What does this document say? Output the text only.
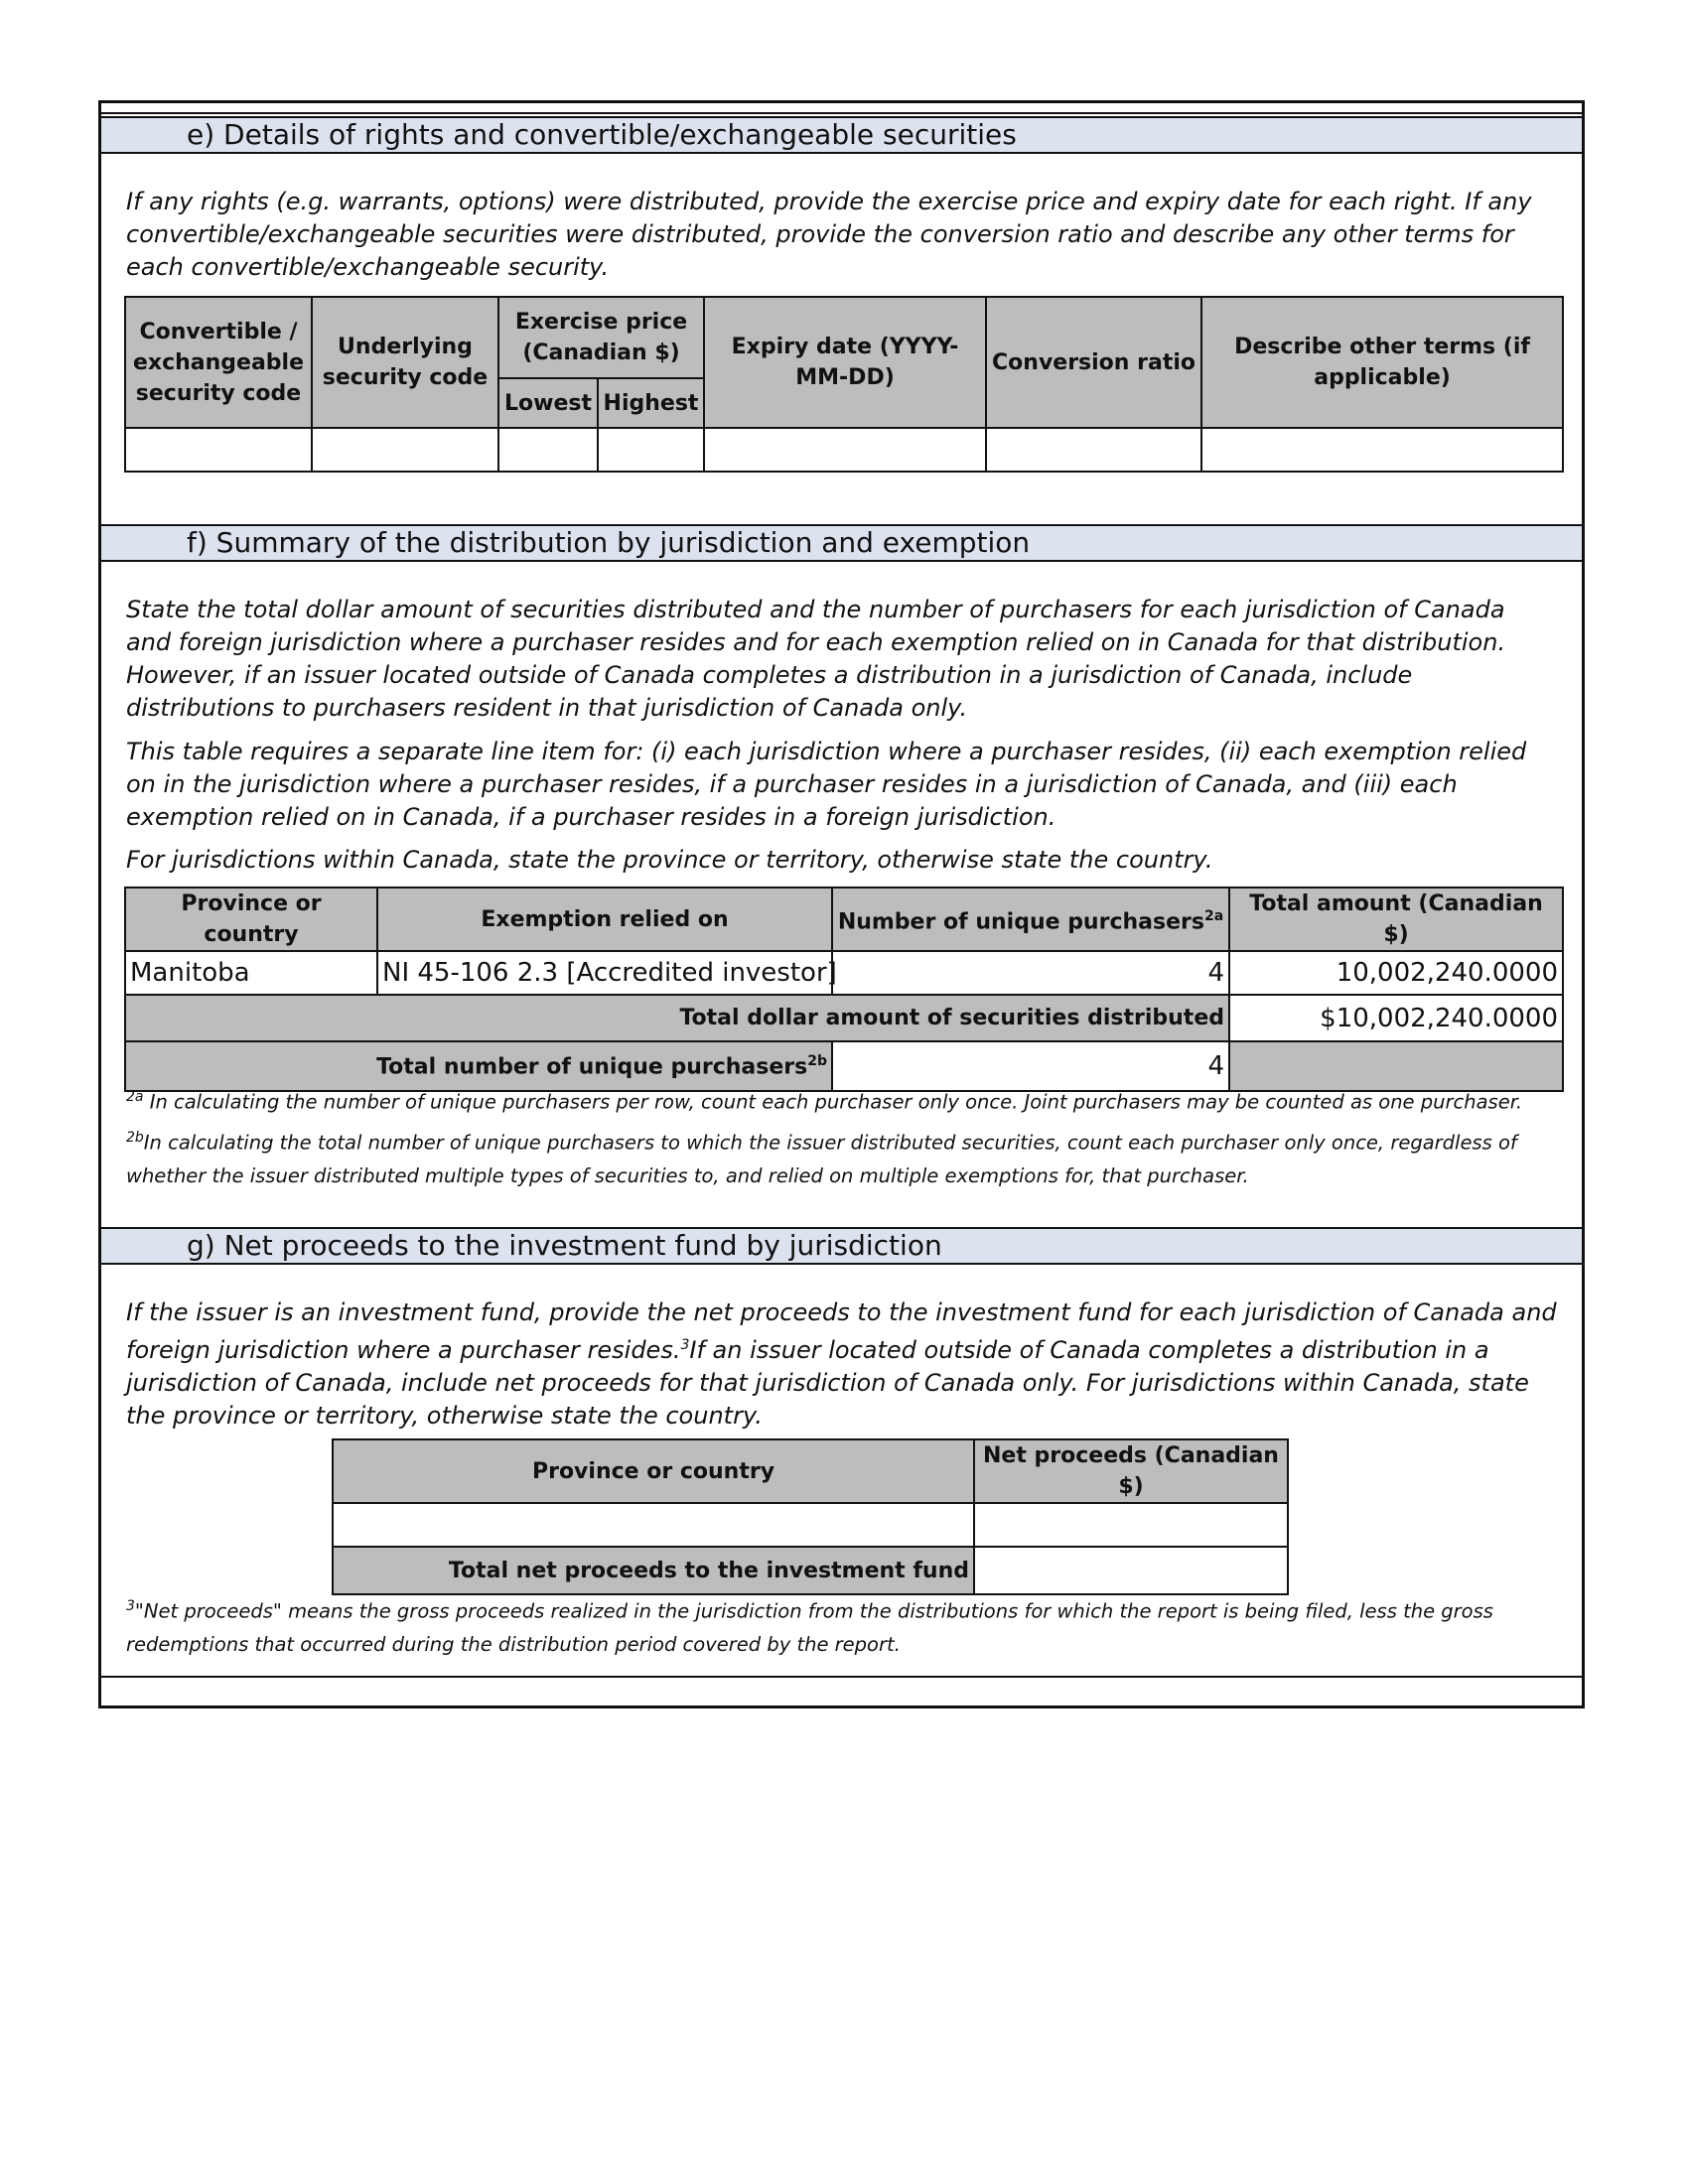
e) Details of rights and convertible/exchangeable securities
If any rights (e.g. warrants, options) were distributed, provide the exercise price and expiry date for each right. If any convertible/exchangeable securities were distributed, provide the conversion ratio and describe any other terms for each convertible/exchangeable security.
Convertible / exchangeable security code	Underlying security code	Exercise price (Canadian $)		Expiry date (YYYY-MM-DD)	Conversion ratio	Describe other terms (if applicable)
		Lowest	Highest			

f) Summary of the distribution by jurisdiction and exemption
State the total dollar amount of securities distributed and the number of purchasers for each jurisdiction of Canada and foreign jurisdiction where a purchaser resides and for each exemption relied on in Canada for that distribution. However, if an issuer located outside of Canada completes a distribution in a jurisdiction of Canada, include distributions to purchasers resident in that jurisdiction of Canada only.
This table requires a separate line item for: (i) each jurisdiction where a purchaser resides, (ii) each exemption relied on in the jurisdiction where a purchaser resides, if a purchaser resides in a jurisdiction of Canada, and (iii) each exemption relied on in Canada, if a purchaser resides in a foreign jurisdiction.
For jurisdictions within Canada, state the province or territory, otherwise state the country.
Province or country	Exemption relied on	Number of unique purchasers$^{2a}$	Total amount (Canadian $)
Manitoba	NI 45-106 2.3 [Accredited investor]	4	10,002,240.0000
Total dollar amount of securities distributed			$10,002,240.0000
Total number of unique purchasers$^{2b}$		4	
$^{2a}$ In calculating the number of unique purchasers per row, count each purchaser only once. Joint purchasers may be counted as one purchaser.
$^{2b}$In calculating the total number of unique purchasers to which the issuer distributed securities, count each purchaser only once, regardless of whether the issuer distributed multiple types of securities to, and relied on multiple exemptions for, that purchaser.
g) Net proceeds to the investment fund by jurisdiction
If the issuer is an investment fund, provide the net proceeds to the investment fund for each jurisdiction of Canada and foreign jurisdiction where a purchaser resides.$^3$If an issuer located outside of Canada completes a distribution in a jurisdiction of Canada, include net proceeds for that jurisdiction of Canada only. For jurisdictions within Canada, state the province or territory, otherwise state the country.
Province or country	Net proceeds (Canadian $)

Total net proceeds to the investment fund	
$^3$"Net proceeds" means the gross proceeds realized in the jurisdiction from the distributions for which the report is being filed, less the gross redemptions that occurred during the distribution period covered by the report.
